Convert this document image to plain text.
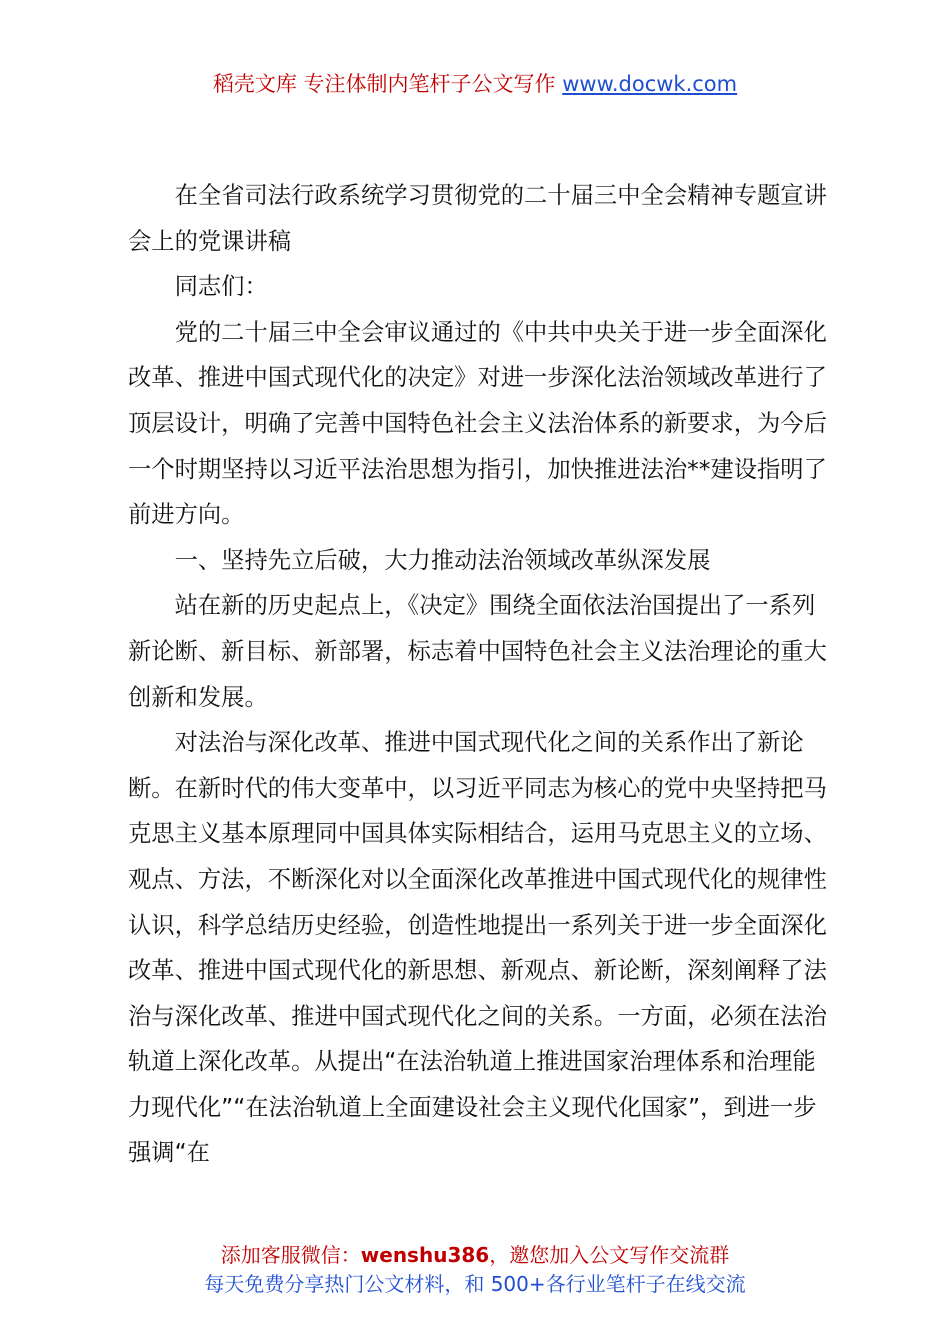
稻壳文库 专注体制内笔杆子公文写作 www.docwk.com

在全省司法行政系统学习贯彻党的二十届三中全会精神专题宣讲会上的党课讲稿

同志们：

党的二十届三中全会审议通过的《中共中央关于进一步全面深化改革、推进中国式现代化的决定》对进一步深化法治领域改革进行了顶层设计，明确了完善中国特色社会主义法治体系的新要求，为今后一个时期坚持以习近平法治思想为指引，加快推进法治**建设指明了前进方向。

一、坚持先立后破，大力推动法治领域改革纵深发展

站在新的历史起点上，《决定》围绕全面依法治国提出了一系列新论断、新目标、新部署，标志着中国特色社会主义法治理论的重大创新和发展。

对法治与深化改革、推进中国式现代化之间的关系作出了新论断。在新时代的伟大变革中，以习近平同志为核心的党中央坚持把马克思主义基本原理同中国具体实际相结合，运用马克思主义的立场、观点、方法，不断深化对以全面深化改革推进中国式现代化的规律性认识，科学总结历史经验，创造性地提出一系列关于进一步全面深化改革、推进中国式现代化的新思想、新观点、新论断，深刻阐释了法治与深化改革、推进中国式现代化之间的关系。一方面，必须在法治轨道上深化改革。从提出“在法治轨道上推进国家治理体系和治理能力现代化”“在法治轨道上全面建设社会主义现代化国家”，到进一步强调“在

添加客服微信：wenshu386，邀您加入公文写作交流群
每天免费分享热门公文材料，和 500+各行业笔杆子在线交流
